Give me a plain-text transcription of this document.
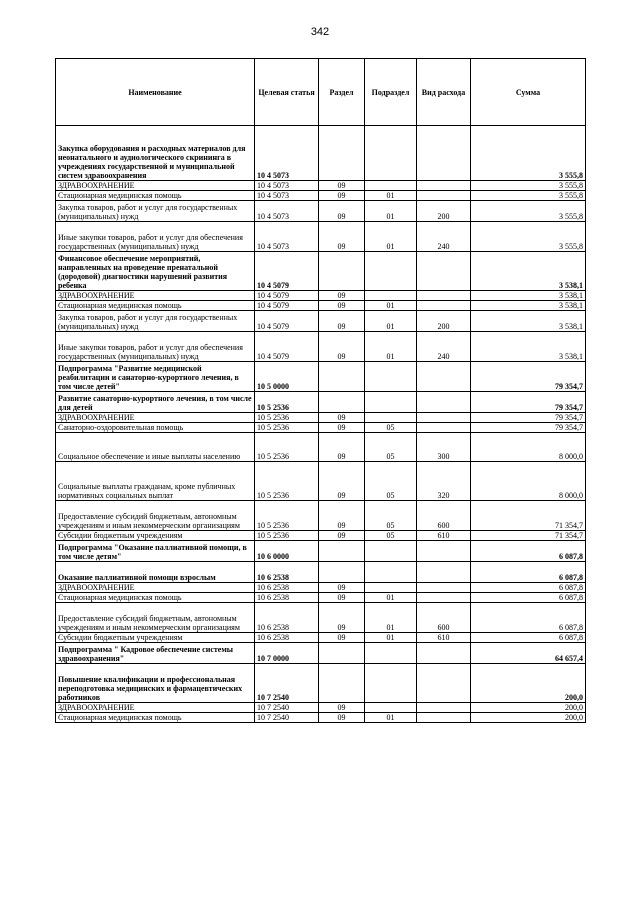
342
Наименование	Целевая статья	Раздел	Подраздел	Вид расхода	Сумма
Закупка оборудования и расходных материалов для неонатального и аудиологического скрининга в учреждениях государственной и муниципальной систем здравоохранения	10 4 5073				3 555,8
ЗДРАВООХРАНЕНИЕ	10 4 5073	09			3 555,8
Стационарная медицинская помощь	10 4 5073	09	01		3 555,8
Закупка товаров, работ и услуг для государственных (муниципальных) нужд	10 4 5073	09	01	200	3 555,8
Иные закупки товаров, работ и услуг для обеспечения государственных (муниципальных) нужд	10 4 5073	09	01	240	3 555,8
Финансовое обеспечение мероприятий, направленных на проведение пренатальной (дородовой) диагностики нарушений развития ребенка	10 4 5079				3 538,1
ЗДРАВООХРАНЕНИЕ	10 4 5079	09			3 538,1
Стационарная медицинская помощь	10 4 5079	09	01		3 538,1
Закупка товаров, работ и услуг для государственных (муниципальных) нужд	10 4 5079	09	01	200	3 538,1
Иные закупки товаров, работ и услуг для обеспечения государственных (муниципальных) нужд	10 4 5079	09	01	240	3 538,1
Подпрограмма "Развитие медицинской реабилитации и санаторно-курортного лечения, в том числе детей"	10 5 0000				79 354,7
Развитие санаторно-курортного лечения, в том числе для детей	10 5 2536				79 354,7
ЗДРАВООХРАНЕНИЕ	10 5 2536	09			79 354,7
Санаторно-оздоровительная помощь	10 5 2536	09	05		79 354,7
Социальное обеспечение и иные выплаты населению	10 5 2536	09	05	300	8 000,0
Социальные выплаты гражданам, кроме публичных нормативных социальных выплат	10 5 2536	09	05	320	8 000,0
Предоставление субсидий бюджетным, автономным учреждениям и иным некоммерческим организациям	10 5 2536	09	05	600	71 354,7
Субсидии бюджетным учреждениям	10 5 2536	09	05	610	71 354,7
Подпрограмма "Оказание паллиативной помощи, в том числе детям"	10 6 0000				6 087,8
Оказание паллиативной помощи взрослым	10 6 2538				6 087,8
ЗДРАВООХРАНЕНИЕ	10 6 2538	09			6 087,8
Стационарная медицинская помощь	10 6 2538	09	01		6 087,8
Предоставление субсидий бюджетным, автономным учреждениям и иным некоммерческим организациям	10 6 2538	09	01	600	6 087,8
Субсидии бюджетным учреждениям	10 6 2538	09	01	610	6 087,8
Подпрограмма " Кадровое обеспечение системы здравоохранения"	10 7 0000				64 657,4
Повышение квалификации и профессиональная переподготовка медицинских и фармацевтических работников	10 7 2540				200,0
ЗДРАВООХРАНЕНИЕ	10 7 2540	09			200,0
Стационарная медицинская помощь	10 7 2540	09	01		200,0
